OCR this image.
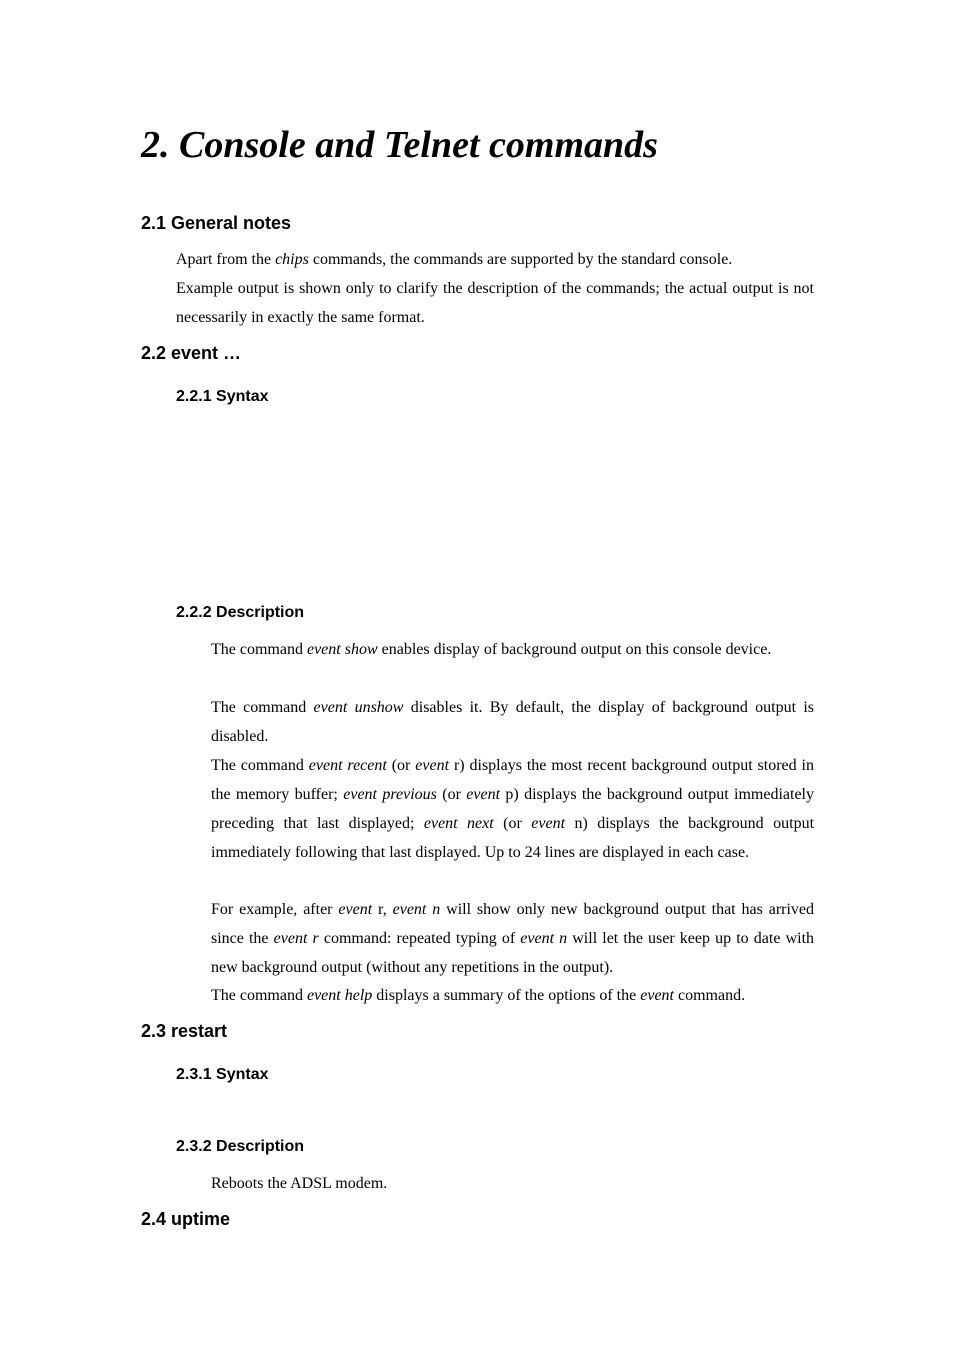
2. Console and Telnet commands
2.1 General notes
Apart from the chips commands, the commands are supported by the standard console.
Example output is shown only to clarify the description of the commands; the actual output is not necessarily in exactly the same format.
2.2 event …
2.2.1 Syntax
2.2.2 Description
The command event show enables display of background output on this console device.
The command event unshow disables it. By default, the display of background output is disabled.
The command event recent (or event r) displays the most recent background output stored in the memory buffer; event previous (or event p) displays the background output immediately preceding that last displayed; event next (or event n) displays the background output immediately following that last displayed. Up to 24 lines are displayed in each case.
For example, after event r, event n will show only new background output that has arrived since the event r command: repeated typing of event n will let the user keep up to date with new background output (without any repetitions in the output).
The command event help displays a summary of the options of the event command.
2.3 restart
2.3.1 Syntax
2.3.2 Description
Reboots the ADSL modem.
2.4 uptime
